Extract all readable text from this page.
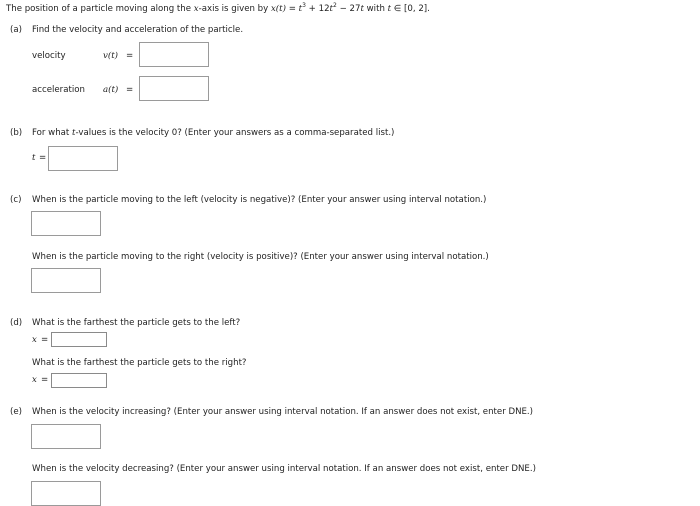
The position of a particle moving along the x-axis is given by $x(t) = t^3 + 12t^2 - 27t$ with t ∈ [0, 2].
(a) Find the velocity and acceleration of the particle.
velocity	v(t) =
acceleration a(t) =
(b) For what t-values is the velocity 0? (Enter your answers as a comma-separated list.)
t =
(c) When is the particle moving to the left (velocity is negative)? (Enter your answer using interval notation.)
When is the particle moving to the right (velocity is positive)? (Enter your answer using interval notation.)
(d) What is the farthest the particle gets to the left?
x =
What is the farthest the particle gets to the right?
x =
(e) When is the velocity increasing? (Enter your answer using interval notation. If an answer does not exist, enter DNE.)
When is the velocity decreasing? (Enter your answer using interval notation. If an answer does not exist, enter DNE.)
